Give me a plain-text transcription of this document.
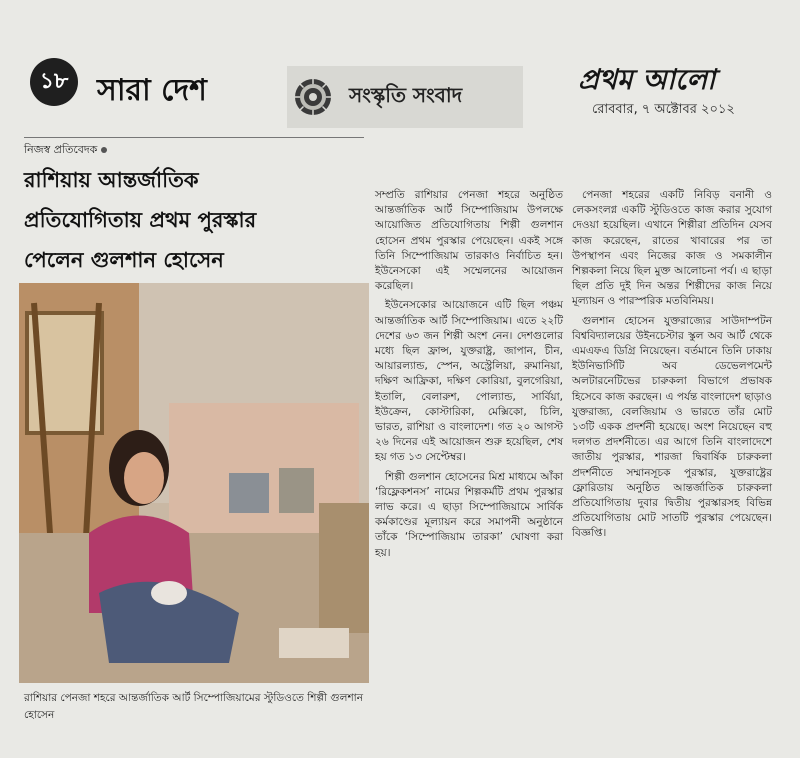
১৮ সারা দেশ	সংস্কৃতি সংবাদ	প্রথম আলো
রোববার, ৭ অক্টোবর ২০১২
নিজস্ব প্রতিবেদক
রাশিয়ায় আন্তর্জাতিক
প্রতিযোগিতায় প্রথম পুরস্কার
পেলেন গুলশান হোসেন
রাশিয়ার পেনজা শহরে আন্তর্জাতিক আর্ট সিম্পোজিয়ামের স্টুডিওতে শিল্পী গুলশান হোসেন

সম্প্রতি রাশিয়ার পেনজা শহরে অনুষ্ঠিত আন্তর্জাতিক আর্ট সিম্পোজিয়াম উপলক্ষে আয়োজিত প্রতিযোগিতায় শিল্পী গুলশান হোসেন প্রথম পুরস্কার পেয়েছেন। একই সঙ্গে তিনি সিম্পোজিয়াম তারকাও নির্বাচিত হন। ইউনেসকো এই সম্মেলনের আয়োজন করেছিল।

ইউনেসকোর আয়োজনে এটি ছিল পঞ্চম আন্তর্জাতিক আর্ট সিম্পোজিয়াম। এতে ২২টি দেশের ৬৩ জন শিল্পী অংশ নেন। দেশগুলোর মধ্যে ছিল ফ্রান্স, যুক্তরাষ্ট্র, জাপান, চীন, আয়ারল্যান্ড, স্পেন, অস্ট্রেলিয়া, রুমানিয়া, দক্ষিণ আফ্রিকা, দক্ষিণ কোরিয়া, বুলগেরিয়া, ইতালি, বেলারুশ, পোল্যান্ড, সার্বিয়া, ইউক্রেন, কোস্টারিকা, মেক্সিকো, চিলি, ভারত, রাশিয়া ও বাংলাদেশ। গত ২০ আগস্ট ২৬ দিনের এই আয়োজন শুরু হয়েছিল, শেষ হয় গত ১৩ সেপ্টেম্বর।

শিল্পী গুলশান হোসেনের মিশ্র মাধ্যমে আঁকা ‘রিফ্লেকশনস’ নামের শিল্পকর্মটি প্রথম পুরস্কার লাভ করে। এ ছাড়া সিম্পোজিয়ামে সার্বিক কর্মকাণ্ডের মূল্যায়ন করে সমাপনী অনুষ্ঠানে তাঁকে ‘সিম্পোজিয়াম তারকা’ ঘোষণা করা হয়।

পেনজা শহরের একটি নিবিড় বনানী ও লেকসংলগ্ন একটি স্টুডিওতে কাজ করার সুযোগ দেওয়া হয়েছিল। এখানে শিল্পীরা প্রতিদিন যেসব কাজ করেছেন, রাতের খাবারের পর তা উপস্থাপন এবং নিজের কাজ ও সমকালীন শিল্পকলা নিয়ে ছিল মুক্ত আলোচনা পর্ব। এ ছাড়া ছিল প্রতি দুই দিন অন্তর শিল্পীদের কাজ নিয়ে মূল্যায়ন ও পারস্পরিক মতবিনিময়।

গুলশান হোসেন যুক্তরাজ্যের সাউদাম্পটন বিশ্ববিদ্যালয়ের উইনচেস্টার স্কুল অব আর্ট থেকে এমএফএ ডিগ্রি নিয়েছেন। বর্তমানে তিনি ঢাকায় ইউনিভার্সিটি অব ডেভেলপমেন্ট অলটারনেটিভের চারুকলা বিভাগে প্রভাষক হিসেবে কাজ করছেন। এ পর্যন্ত বাংলাদেশ ছাড়াও যুক্তরাজ্য, বেলজিয়াম ও ভারতে তাঁর মোট ১৩টি একক প্রদর্শনী হয়েছে। অংশ নিয়েছেন বহু দলগত প্রদর্শনীতে। এর আগে তিনি বাংলাদেশে জাতীয় পুরস্কার, শারজা দ্বিবার্ষিক চারুকলা প্রদর্শনীতে সম্মানসূচক পুরস্কার, যুক্তরাষ্ট্রের ফ্লোরিডায় অনুষ্ঠিত আন্তর্জাতিক চারুকলা প্রতিযোগিতায় দুবার দ্বিতীয় পুরস্কারসহ বিভিন্ন প্রতিযোগিতায় মোট সাতটি পুরস্কার পেয়েছেন। বিজ্ঞপ্তি।
